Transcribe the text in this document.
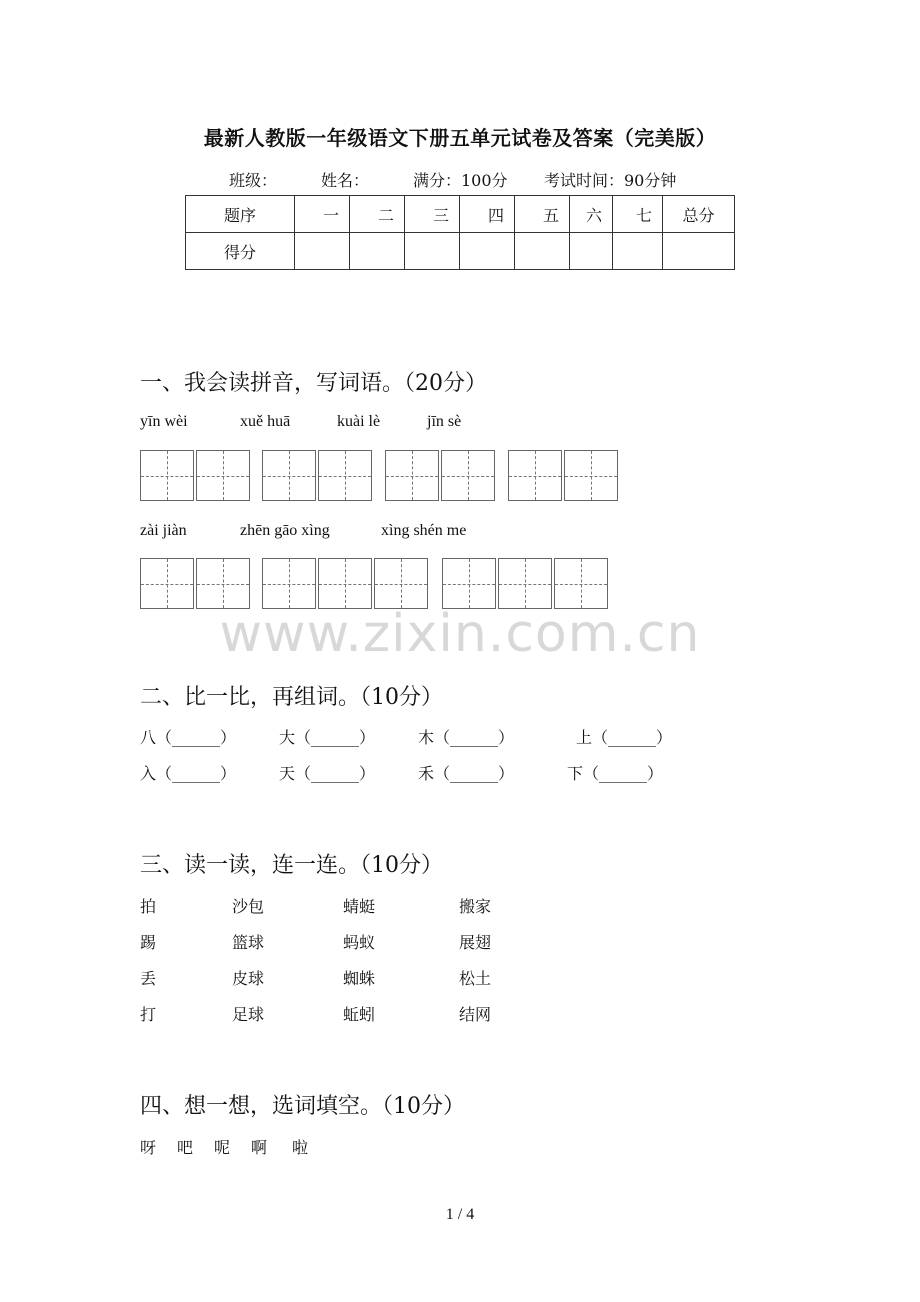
最新人教版一年级语文下册五单元试卷及答案（完美版）
班级：	姓名：	满分：100分 考试时间：90分钟
题序	一	二	三	四	五	六	七	总分
得分								
一、我会读拼音，写词语。（20分）
yīn wèi	xuě huā	kuài lè	jīn sè
zài jiàn	zhēn gāo xìng	xìng shén me
www.zixin.com.cn
二、比一比，再组词。（10分）
八（______）	大（______）	木（______）	上（______）
入（______）	天（______）	禾（______）	下（______）
三、读一读，连一连。（10分）
拍	沙包	蜻蜓	搬家
踢	篮球	蚂蚁	展翅
丢	皮球	蜘蛛	松土
打	足球	蚯蚓	结网
四、想一想，选词填空。（10分）
呀 吧 呢 啊 啦
1 / 4
